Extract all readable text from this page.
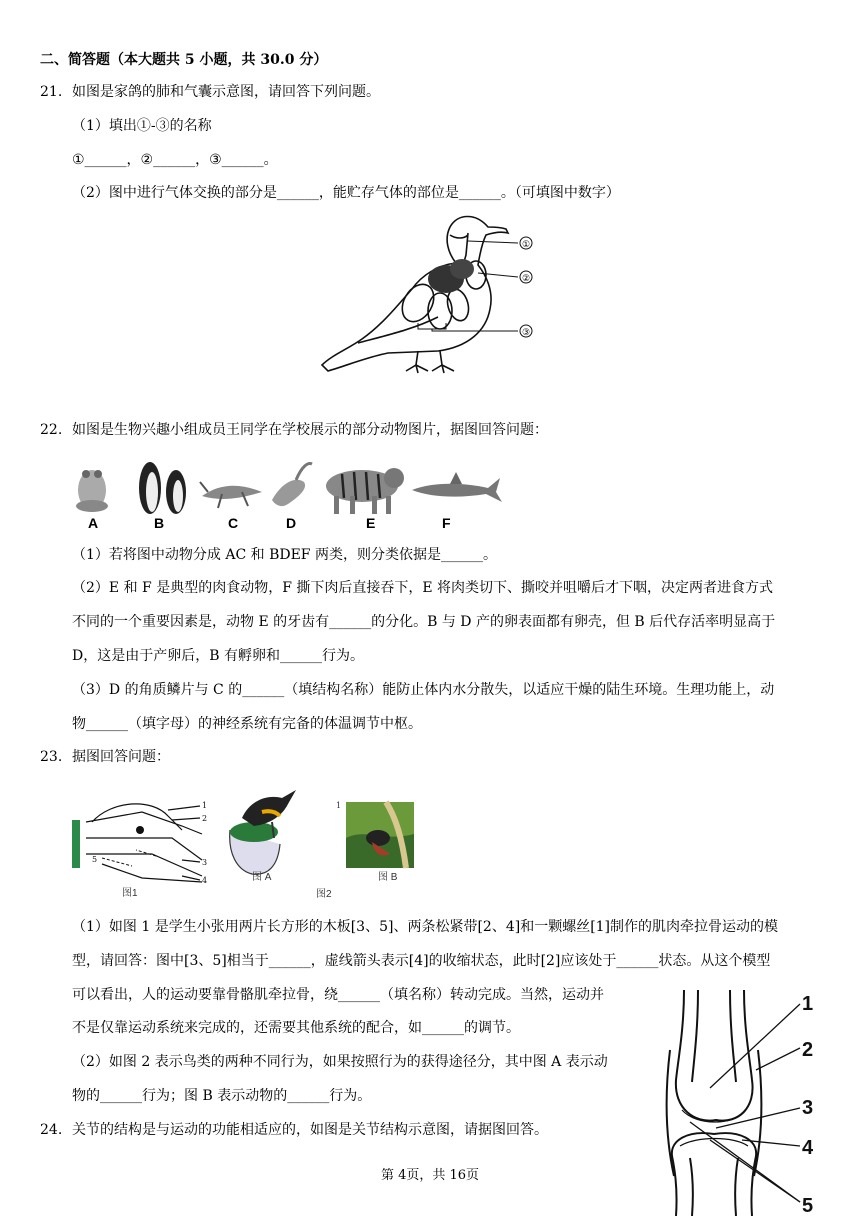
二、简答题（本大题共 5 小题，共 30.0 分）
21. 如图是家鸽的肺和气囊示意图，请回答下列问题。
（1）填出①-③的名称
①______，②______，③______。
（2）图中进行气体交换的部分是______，能贮存气体的部位是______。（可填图中数字）
①
②
③
22. 如图是生物兴趣小组成员王同学在学校展示的部分动物图片，据图回答问题：
A	B	C	D	E	F
（1）若将图中动物分成 AC 和 BDEF 两类，则分类依据是______。
（2）E 和 F 是典型的肉食动物，F 撕下肉后直接吞下，E 将肉类切下、撕咬并咀嚼后才下咽，决定两者进食方式
不同的一个重要因素是，动物 E 的牙齿有______的分化。B 与 D 产的卵表面都有卵壳，但 B 后代存活率明显高于
D，这是由于产卵后，B 有孵卵和______行为。
（3）D 的角质鳞片与 C 的______（填结构名称）能防止体内水分散失，以适应干燥的陆生环境。生理功能上，动
物______（填字母）的神经系统有完备的体温调节中枢。
23. 据图回答问题：
1
2
3
4
5
图1
图 A
图2
图 B
1
（1）如图 1 是学生小张用两片长方形的木板[3、5]、两条松紧带[2、4]和一颗螺丝[1]制作的肌肉牵拉骨运动的模
型，请回答：图中[3、5]相当于______，虚线箭头表示[4]的收缩状态，此时[2]应该处于______状态。从这个模型
可以看出，人的运动要靠骨骼肌牵拉骨，绕______（填名称）转动完成。当然，运动并
不是仅靠运动系统来完成的，还需要其他系统的配合，如______的调节。
（2）如图 2 表示鸟类的两种不同行为，如果按照行为的获得途径分，其中图 A 表示动
物的______行为；图 B 表示动物的______行为。
24. 关节的结构是与运动的功能相适应的，如图是关节结构示意图，请据图回答。
1
2
3
4
5
第 4页，共 16页
